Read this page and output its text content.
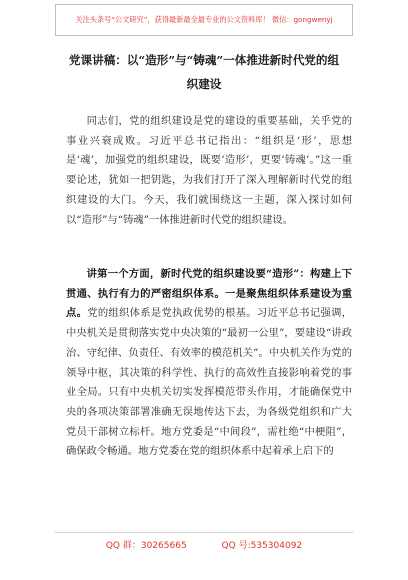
关注头条号“公文研究”，获得最新最全最专业的公文资料库！ 微信：gongwenyj
党课讲稿：以“造形”与“铸魂”一体推进新时代党的组
织建设

同志们，党的组织建设是党的建设的重要基础，关乎党的事业兴衰成败。习近平总书记指出：“组织是‘形’，思想是‘魂’，加强党的组织建设，既要‘造形’，更要‘铸魂’。”这一重要论述，犹如一把钥匙，为我们打开了深入理解新时代党的组织建设的大门。今天，我们就围绕这一主题，深入探讨如何以“造形”与“铸魂”一体推进新时代党的组织建设。

讲第一个方面，新时代党的组织建设要“造形”：构建上下贯通、执行有力的严密组织体系。一是聚焦组织体系建设为重点。党的组织体系是党执政优势的根基。习近平总书记强调，中央机关是贯彻落实党中央决策的“最初一公里”，要建设“讲政治、守纪律、负责任、有效率的模范机关”。中央机关作为党的领导中枢，其决策的科学性、执行的高效性直接影响着党的事业全局。只有中央机关切实发挥模范带头作用，才能确保党中央的各项决策部署准确无误地传达下去，为各级党组织和广大党员干部树立标杆。地方党委是“中间段”，需杜绝“中梗阻”，确保政令畅通。地方党委在党的组织体系中起着承上启下的

QQ 群：30265665	QQ 号:535304092
